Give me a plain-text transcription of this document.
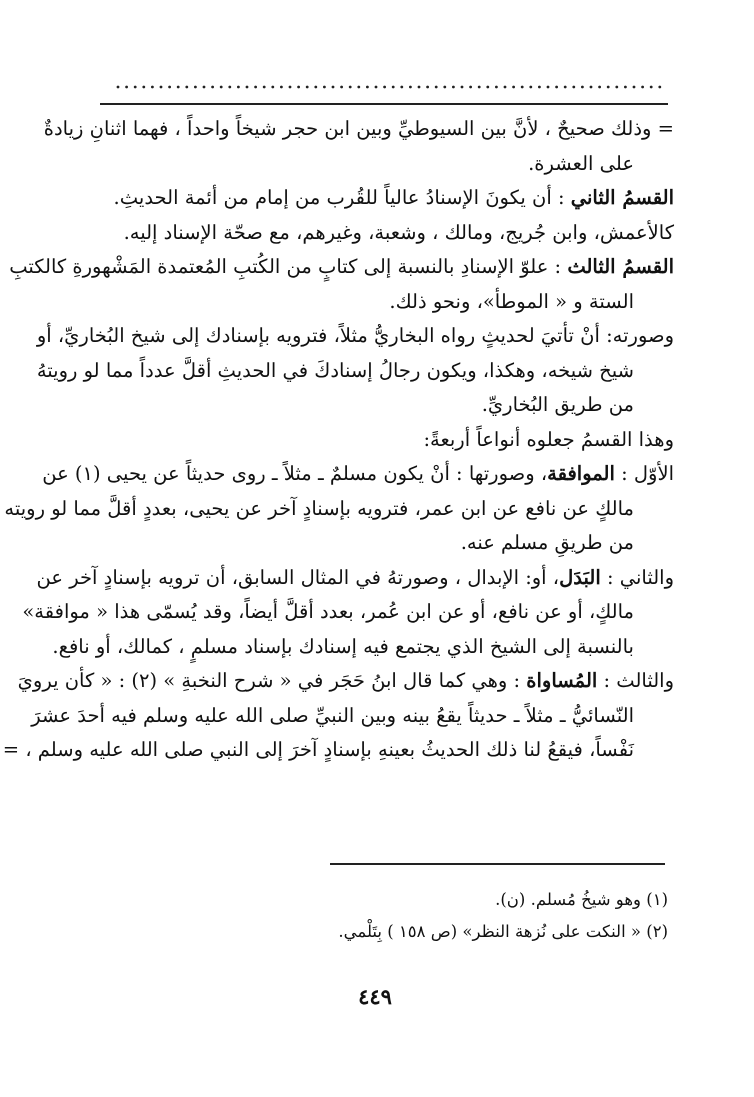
= وذلك صحيحٌ ، لأنَّ بين السيوطيِّ وبين ابن حجر شيخاً واحداً ، فهما اثنانِ زيادةٌ
على العشرة.
القسمُ الثاني : أن يكونَ الإسنادُ عالياً للقُرب من إمام من أئمة الحديثِ.
كالأعمش، وابن جُريج، ومالك ، وشعبة، وغيرهم، مع صحّة الإسناد إليه.
القسمُ الثالث : علوّ الإسنادِ بالنسبة إلى كتابٍ من الكُتبِ المُعتمدة المَشْهورةِ كالكتبِ
الستة و « الموطأ»، ونحو ذلك.
وصورته: أنْ تأتيَ لحديثٍ رواه البخاريُّ مثلاً، فترويه بإسنادك إلى شيخ البُخاريِّ، أو
شيخ شيخه، وهكذا، ويكون رجالُ إسنادكَ في الحديثِ أقلَّ عدداً مما لو رويتهُ
من طريق البُخاريِّ.
وهذا القسمُ جعلوه أنواعاً أربعةً:
الأوّل : الموافقة، وصورتها : أنْ يكون مسلمٌ ـ مثلاً ـ روى حديثاً عن يحيى (١) عن
مالكٍ عن نافع عن ابن عمر، فترويه بإسنادٍ آخر عن يحيى، بعددٍ أقلَّ مما لو رويته
من طريقِ مسلم عنه.
والثاني : البَدَل، أو: الإبدال ، وصورتهُ في المثال السابق، أن ترويه بإسنادٍ آخر عن
مالكٍ، أو عن نافع، أو عن ابن عُمر، بعدد أقلَّ أيضاً، وقد يُسمّى هذا « موافقة»
بالنسبة إلى الشيخ الذي يجتمع فيه إسنادك بإسناد مسلمٍ ، كمالك، أو نافع.
والثالث : المُساواة : وهي كما قال ابنُ حَجَر في « شرح النخبةِ » (٢) : « كأن يرويَ
النّسائيُّ ـ مثلاً ـ حديثاً يقعُ بينه وبين النبيِّ صلى الله عليه وسلم فيه أحدَ عشرَ
نَفْساً، فيقعُ لنا ذلك الحديثُ بعينهِ بإسنادٍ آخرَ إلى النبي صلى الله عليه وسلم ، =
(١) وهو شيخُ مُسلم. (ن).
(٢) « النكت على نُزهة النظر» (ص ١٥٨ ) بِتَلْمي.
٤٤٩
